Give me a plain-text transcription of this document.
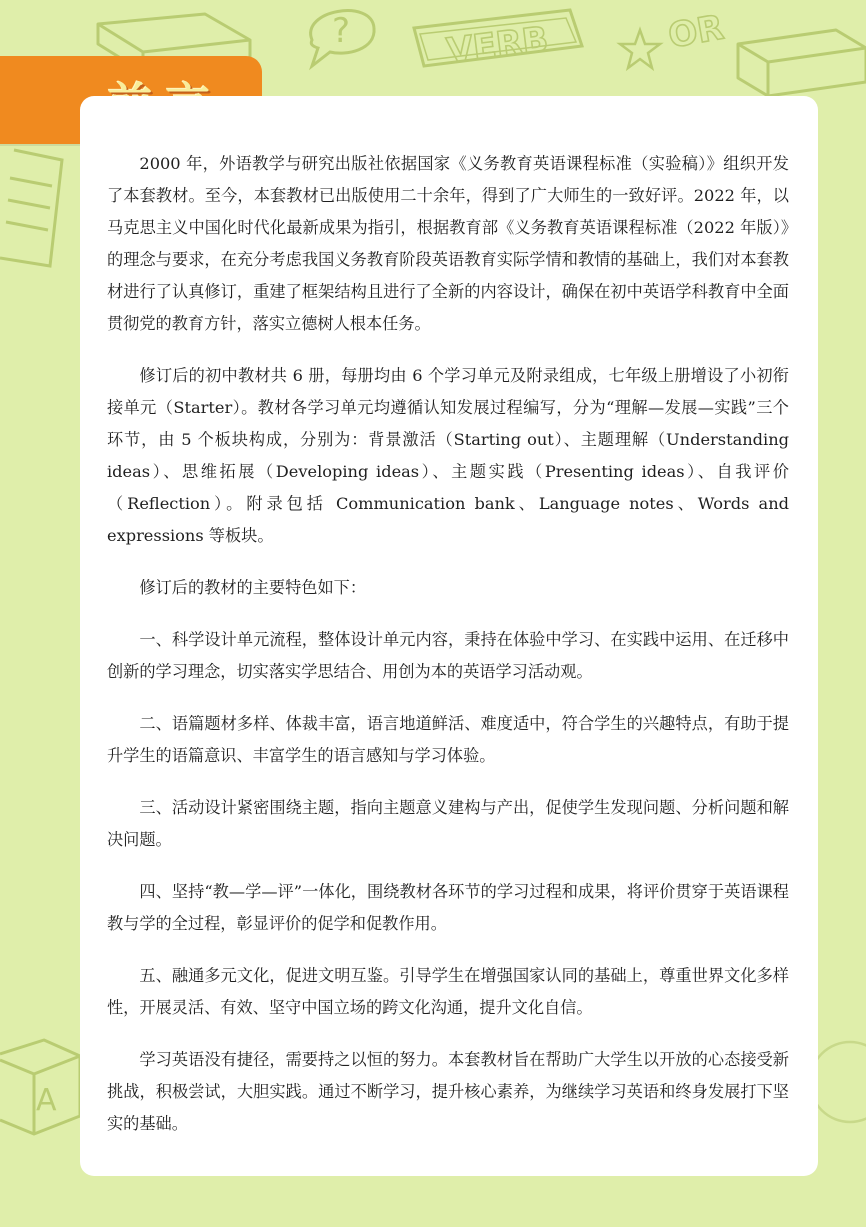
?	VERB	OR
A

2000 年，外语教学与研究出版社依据国家《义务教育英语课程标准（实验稿）》组织开发了本套教材。至今，本套教材已出版使用二十余年，得到了广大师生的一致好评。2022 年，以马克思主义中国化时代化最新成果为指引，根据教育部《义务教育英语课程标准（2022 年版）》的理念与要求，在充分考虑我国义务教育阶段英语教育实际学情和教情的基础上，我们对本套教材进行了认真修订，重建了框架结构且进行了全新的内容设计，确保在初中英语学科教育中全面贯彻党的教育方针，落实立德树人根本任务。

修订后的初中教材共 6 册，每册均由 6 个学习单元及附录组成，七年级上册增设了小初衔接单元（Starter）。教材各学习单元均遵循认知发展过程编写，分为“理解—发展—实践”三个环节，由 5 个板块构成，分别为：背景激活（Starting out）、主题理解（Understanding ideas）、思维拓展（Developing ideas）、主题实践（Presenting ideas）、自我评价（Reflection）。附录包括 Communication bank、Language notes、Words and expressions 等板块。

修订后的教材的主要特色如下：

一、科学设计单元流程，整体设计单元内容，秉持在体验中学习、在实践中运用、在迁移中创新的学习理念，切实落实学思结合、用创为本的英语学习活动观。

二、语篇题材多样、体裁丰富，语言地道鲜活、难度适中，符合学生的兴趣特点，有助于提升学生的语篇意识、丰富学生的语言感知与学习体验。

三、活动设计紧密围绕主题，指向主题意义建构与产出，促使学生发现问题、分析问题和解决问题。

四、坚持“教—学—评”一体化，围绕教材各环节的学习过程和成果，将评价贯穿于英语课程教与学的全过程，彰显评价的促学和促教作用。

五、融通多元文化，促进文明互鉴。引导学生在增强国家认同的基础上，尊重世界文化多样性，开展灵活、有效、坚守中国立场的跨文化沟通，提升文化自信。

学习英语没有捷径，需要持之以恒的努力。本套教材旨在帮助广大学生以开放的心态接受新挑战，积极尝试，大胆实践。通过不断学习，提升核心素养，为继续学习英语和终身发展打下坚实的基础。
